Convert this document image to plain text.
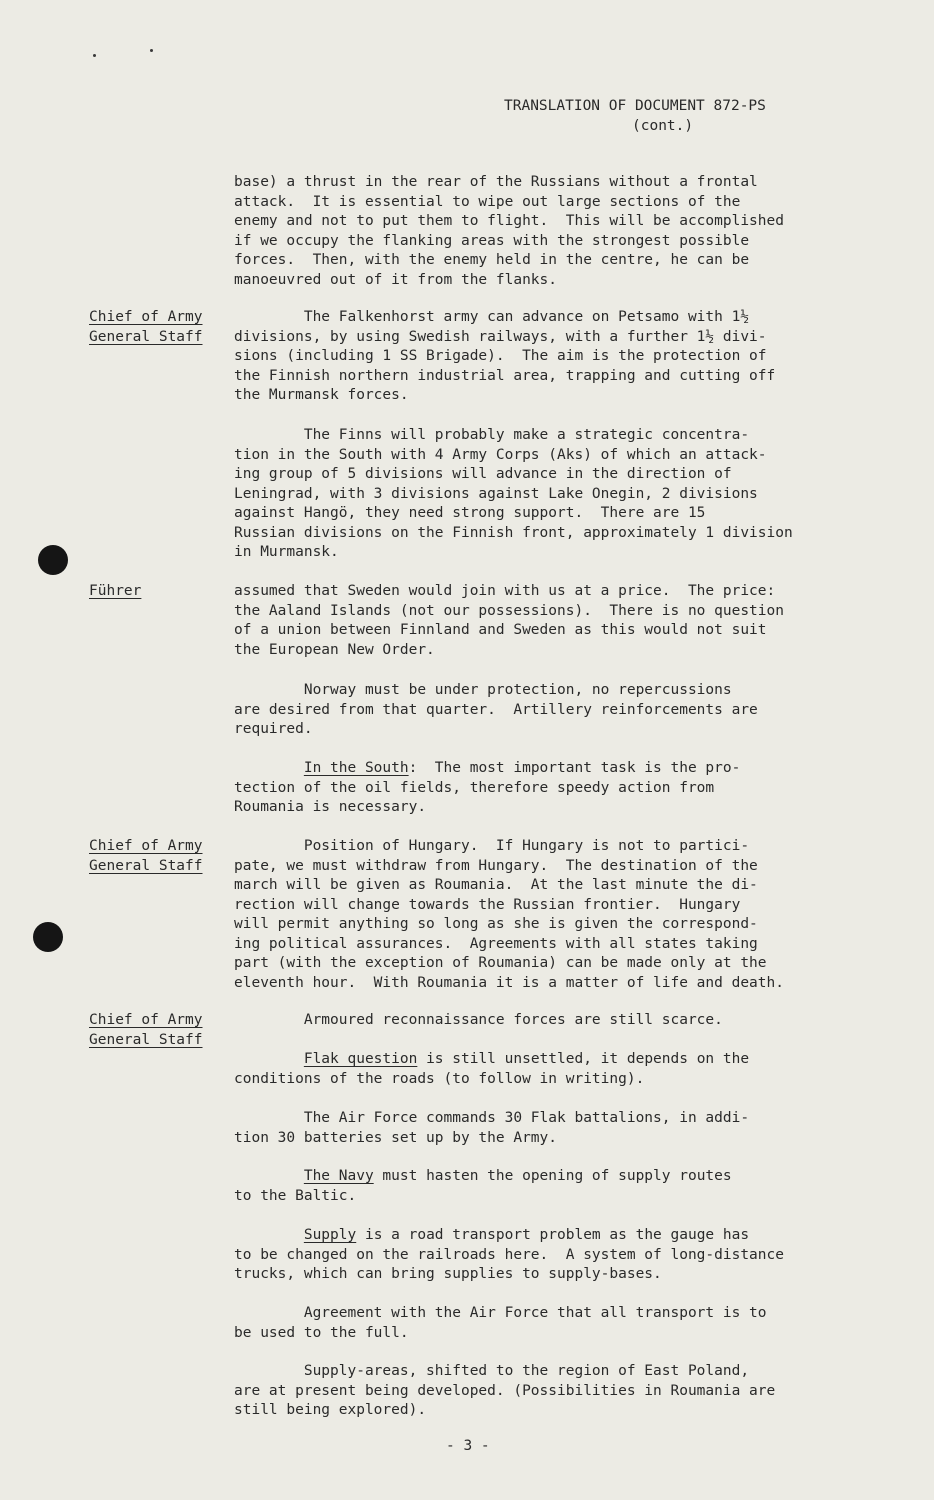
TRANSLATION OF DOCUMENT 872-PS
(cont.)
Chief of Army
General Staff
Führer
Chief of Army
General Staff
Chief of Army
General Staff
base) a thrust in the rear of the Russians without a frontal
attack.  It is essential to wipe out large sections of the
enemy and not to put them to flight.  This will be accomplished
if we occupy the flanking areas with the strongest possible
forces.  Then, with the enemy held in the centre, he can be
manoeuvred out of it from the flanks.
The Falkenhorst army can advance on Petsamo with 1½
divisions, by using Swedish railways, with a further 1½ divi-
sions (including 1 SS Brigade).  The aim is the protection of
the Finnish northern industrial area, trapping and cutting off
the Murmansk forces.
The Finns will probably make a strategic concentra-
tion in the South with 4 Army Corps (Aks) of which an attack-
ing group of 5 divisions will advance in the direction of
Leningrad, with 3 divisions against Lake Onegin, 2 divisions
against Hangö, they need strong support.  There are 15
Russian divisions on the Finnish front, approximately 1 division
in Murmansk.
assumed that Sweden would join with us at a price.  The price:
the Aaland Islands (not our possessions).  There is no question
of a union between Finnland and Sweden as this would not suit
the European New Order.
Norway must be under protection, no repercussions
are desired from that quarter.  Artillery reinforcements are
required.
In the South:  The most important task is the pro-
tection of the oil fields, therefore speedy action from
Roumania is necessary.
Position of Hungary.  If Hungary is not to partici-
pate, we must withdraw from Hungary.  The destination of the
march will be given as Roumania.  At the last minute the di-
rection will change towards the Russian frontier.  Hungary
will permit anything so long as she is given the correspond-
ing political assurances.  Agreements with all states taking
part (with the exception of Roumania) can be made only at the
eleventh hour.  With Roumania it is a matter of life and death.
Armoured reconnaissance forces are still scarce.
Flak question is still unsettled, it depends on the
conditions of the roads (to follow in writing).
The Air Force commands 30 Flak battalions, in addi-
tion 30 batteries set up by the Army.
The Navy must hasten the opening of supply routes
to the Baltic.
Supply is a road transport problem as the gauge has
to be changed on the railroads here.  A system of long-distance
trucks, which can bring supplies to supply-bases.
Agreement with the Air Force that all transport is to
be used to the full.
Supply-areas, shifted to the region of East Poland,
are at present being developed. (Possibilities in Roumania are
still being explored).
- 3 -
